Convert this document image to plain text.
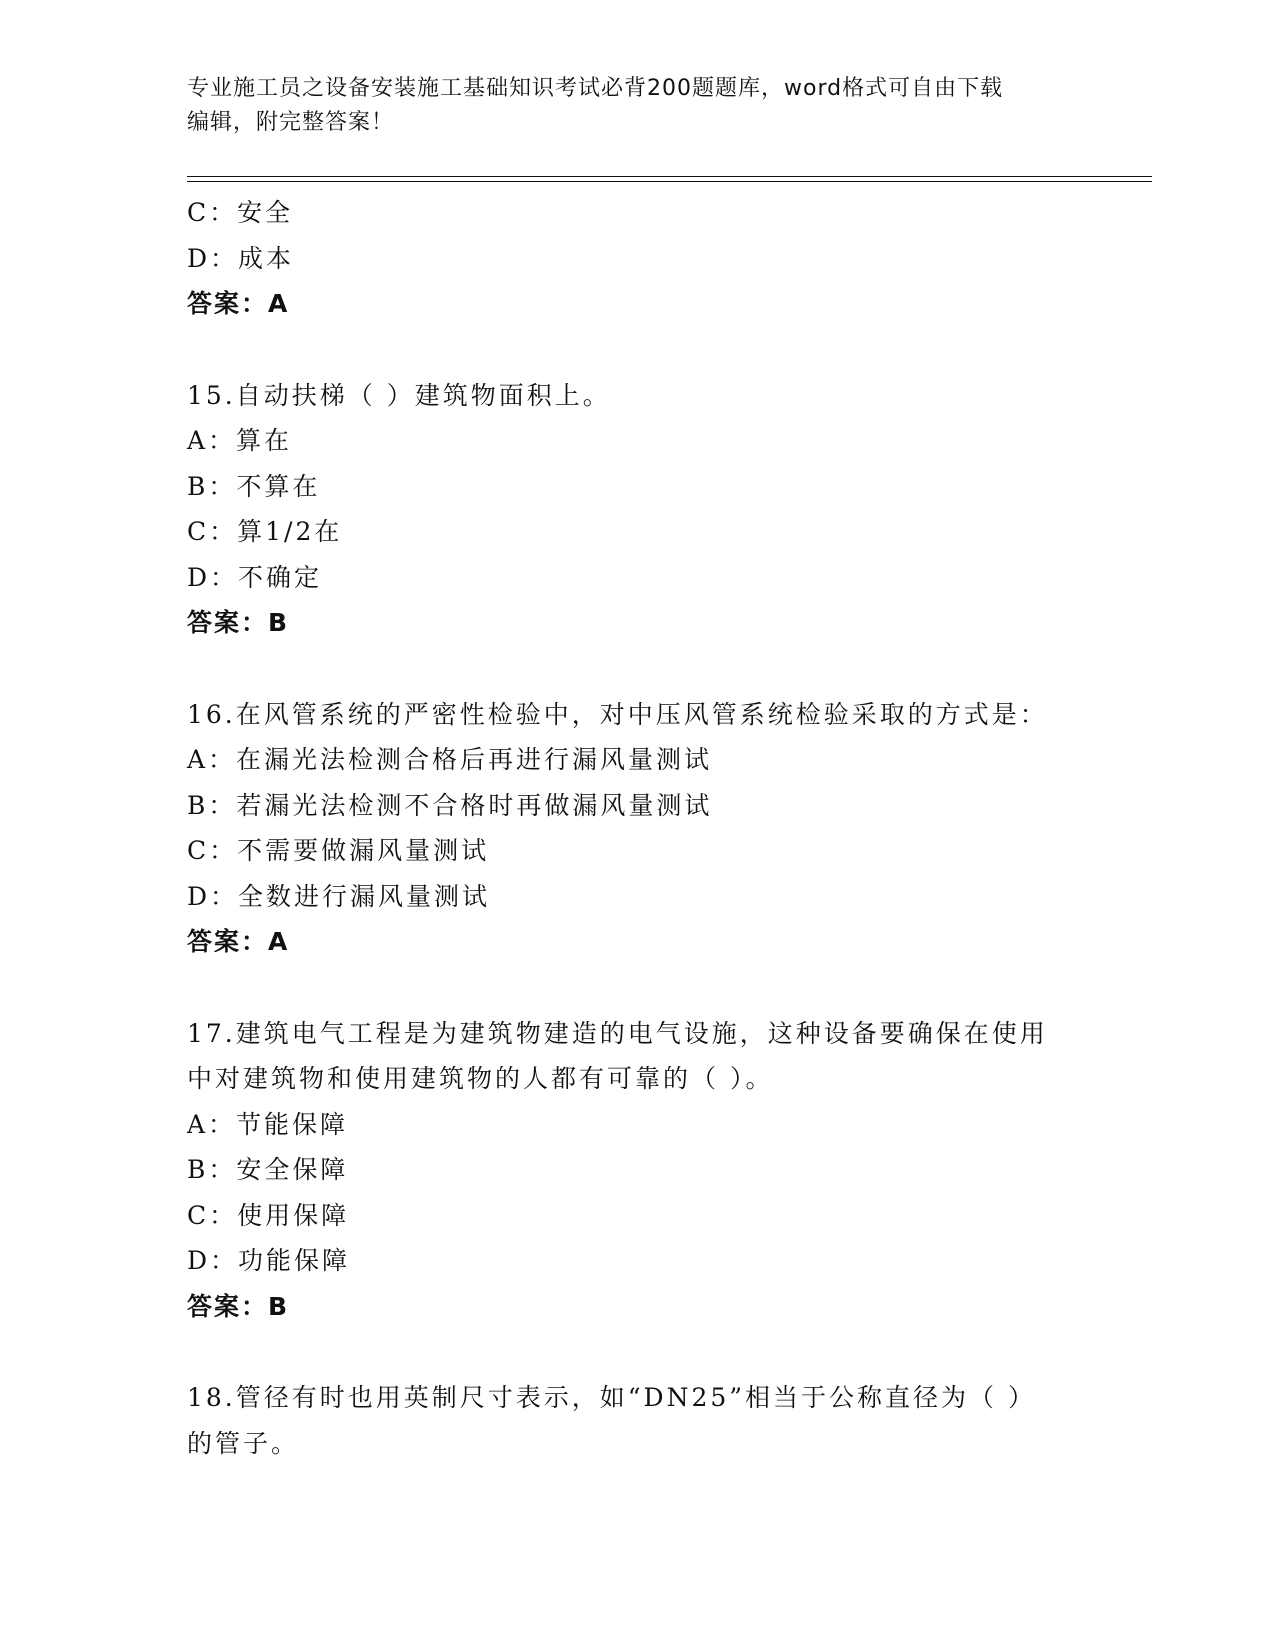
专业施工员之设备安装施工基础知识考试必背200题题库，word格式可自由下载
编辑，附完整答案！
C：安全
D：成本
答案：A
15.自动扶梯（ ）建筑物面积上。
A：算在
B：不算在
C：算1/2在
D：不确定
答案：B
16.在风管系统的严密性检验中，对中压风管系统检验采取的方式是：
A：在漏光法检测合格后再进行漏风量测试
B：若漏光法检测不合格时再做漏风量测试
C：不需要做漏风量测试
D：全数进行漏风量测试
答案：A
17.建筑电气工程是为建筑物建造的电气设施，这种设备要确保在使用
中对建筑物和使用建筑物的人都有可靠的（ ）。
A：节能保障
B：安全保障
C：使用保障
D：功能保障
答案：B
18.管径有时也用英制尺寸表示，如“DN25”相当于公称直径为（ ）
的管子。
